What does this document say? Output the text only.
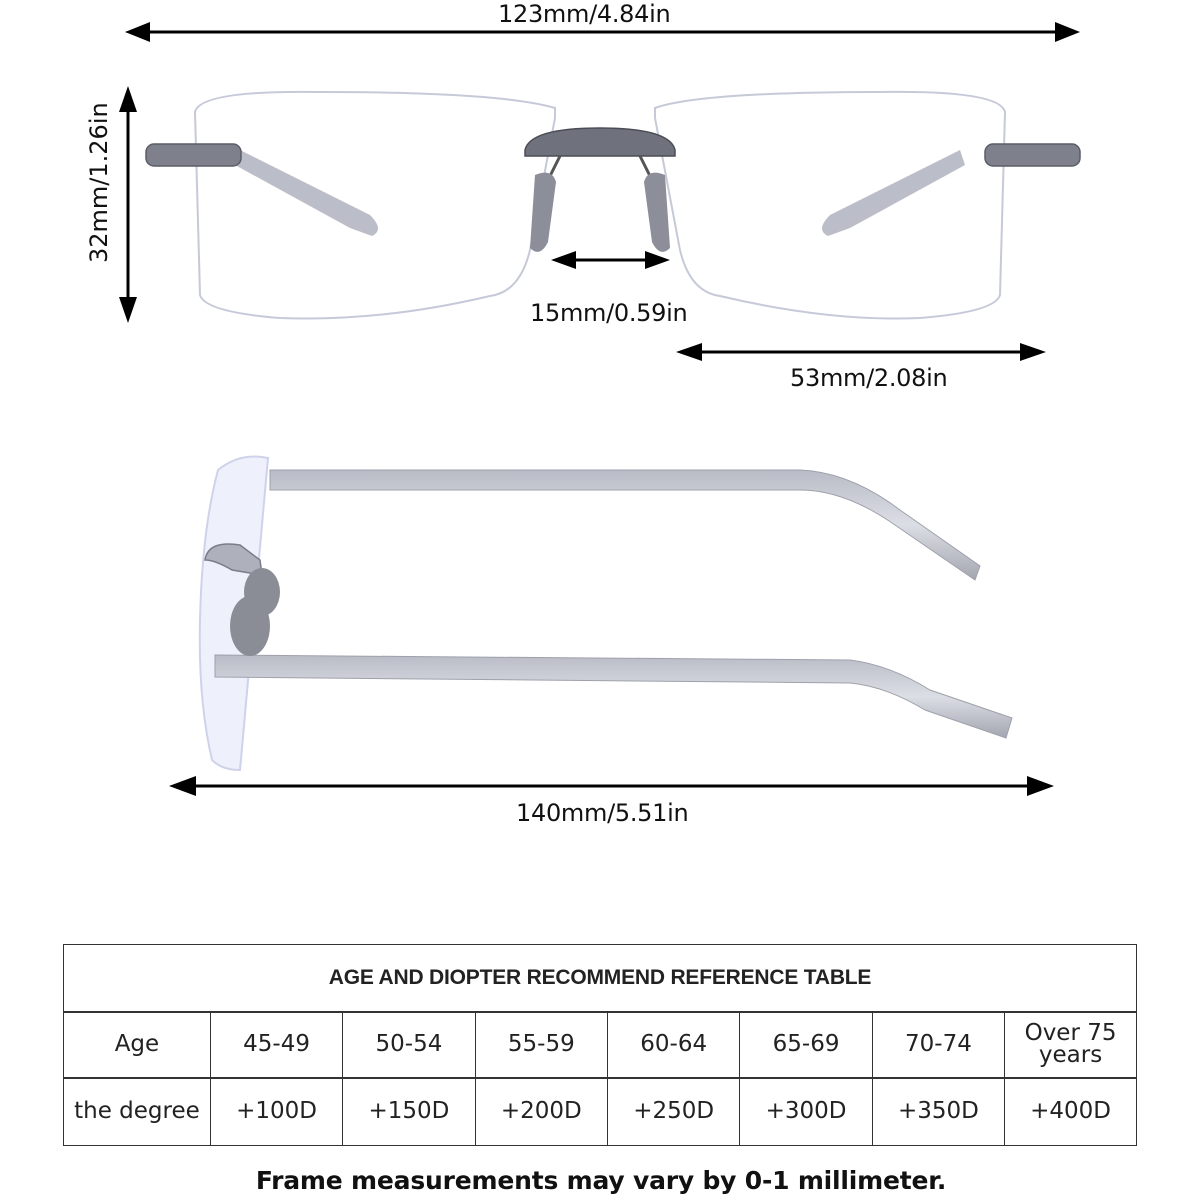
123mm/4.84in
32mm/1.26in
15mm/0.59in
53mm/2.08in
140mm/5.51in
AGE AND DIOPTER RECOMMEND REFERENCE TABLE
Age	45-49	50-54	55-59	60-64	65-69	70-74	Over 75 years
the degree	+100D	+150D	+200D	+250D	+300D	+350D	+400D
Frame measurements may vary by 0-1 millimeter.
